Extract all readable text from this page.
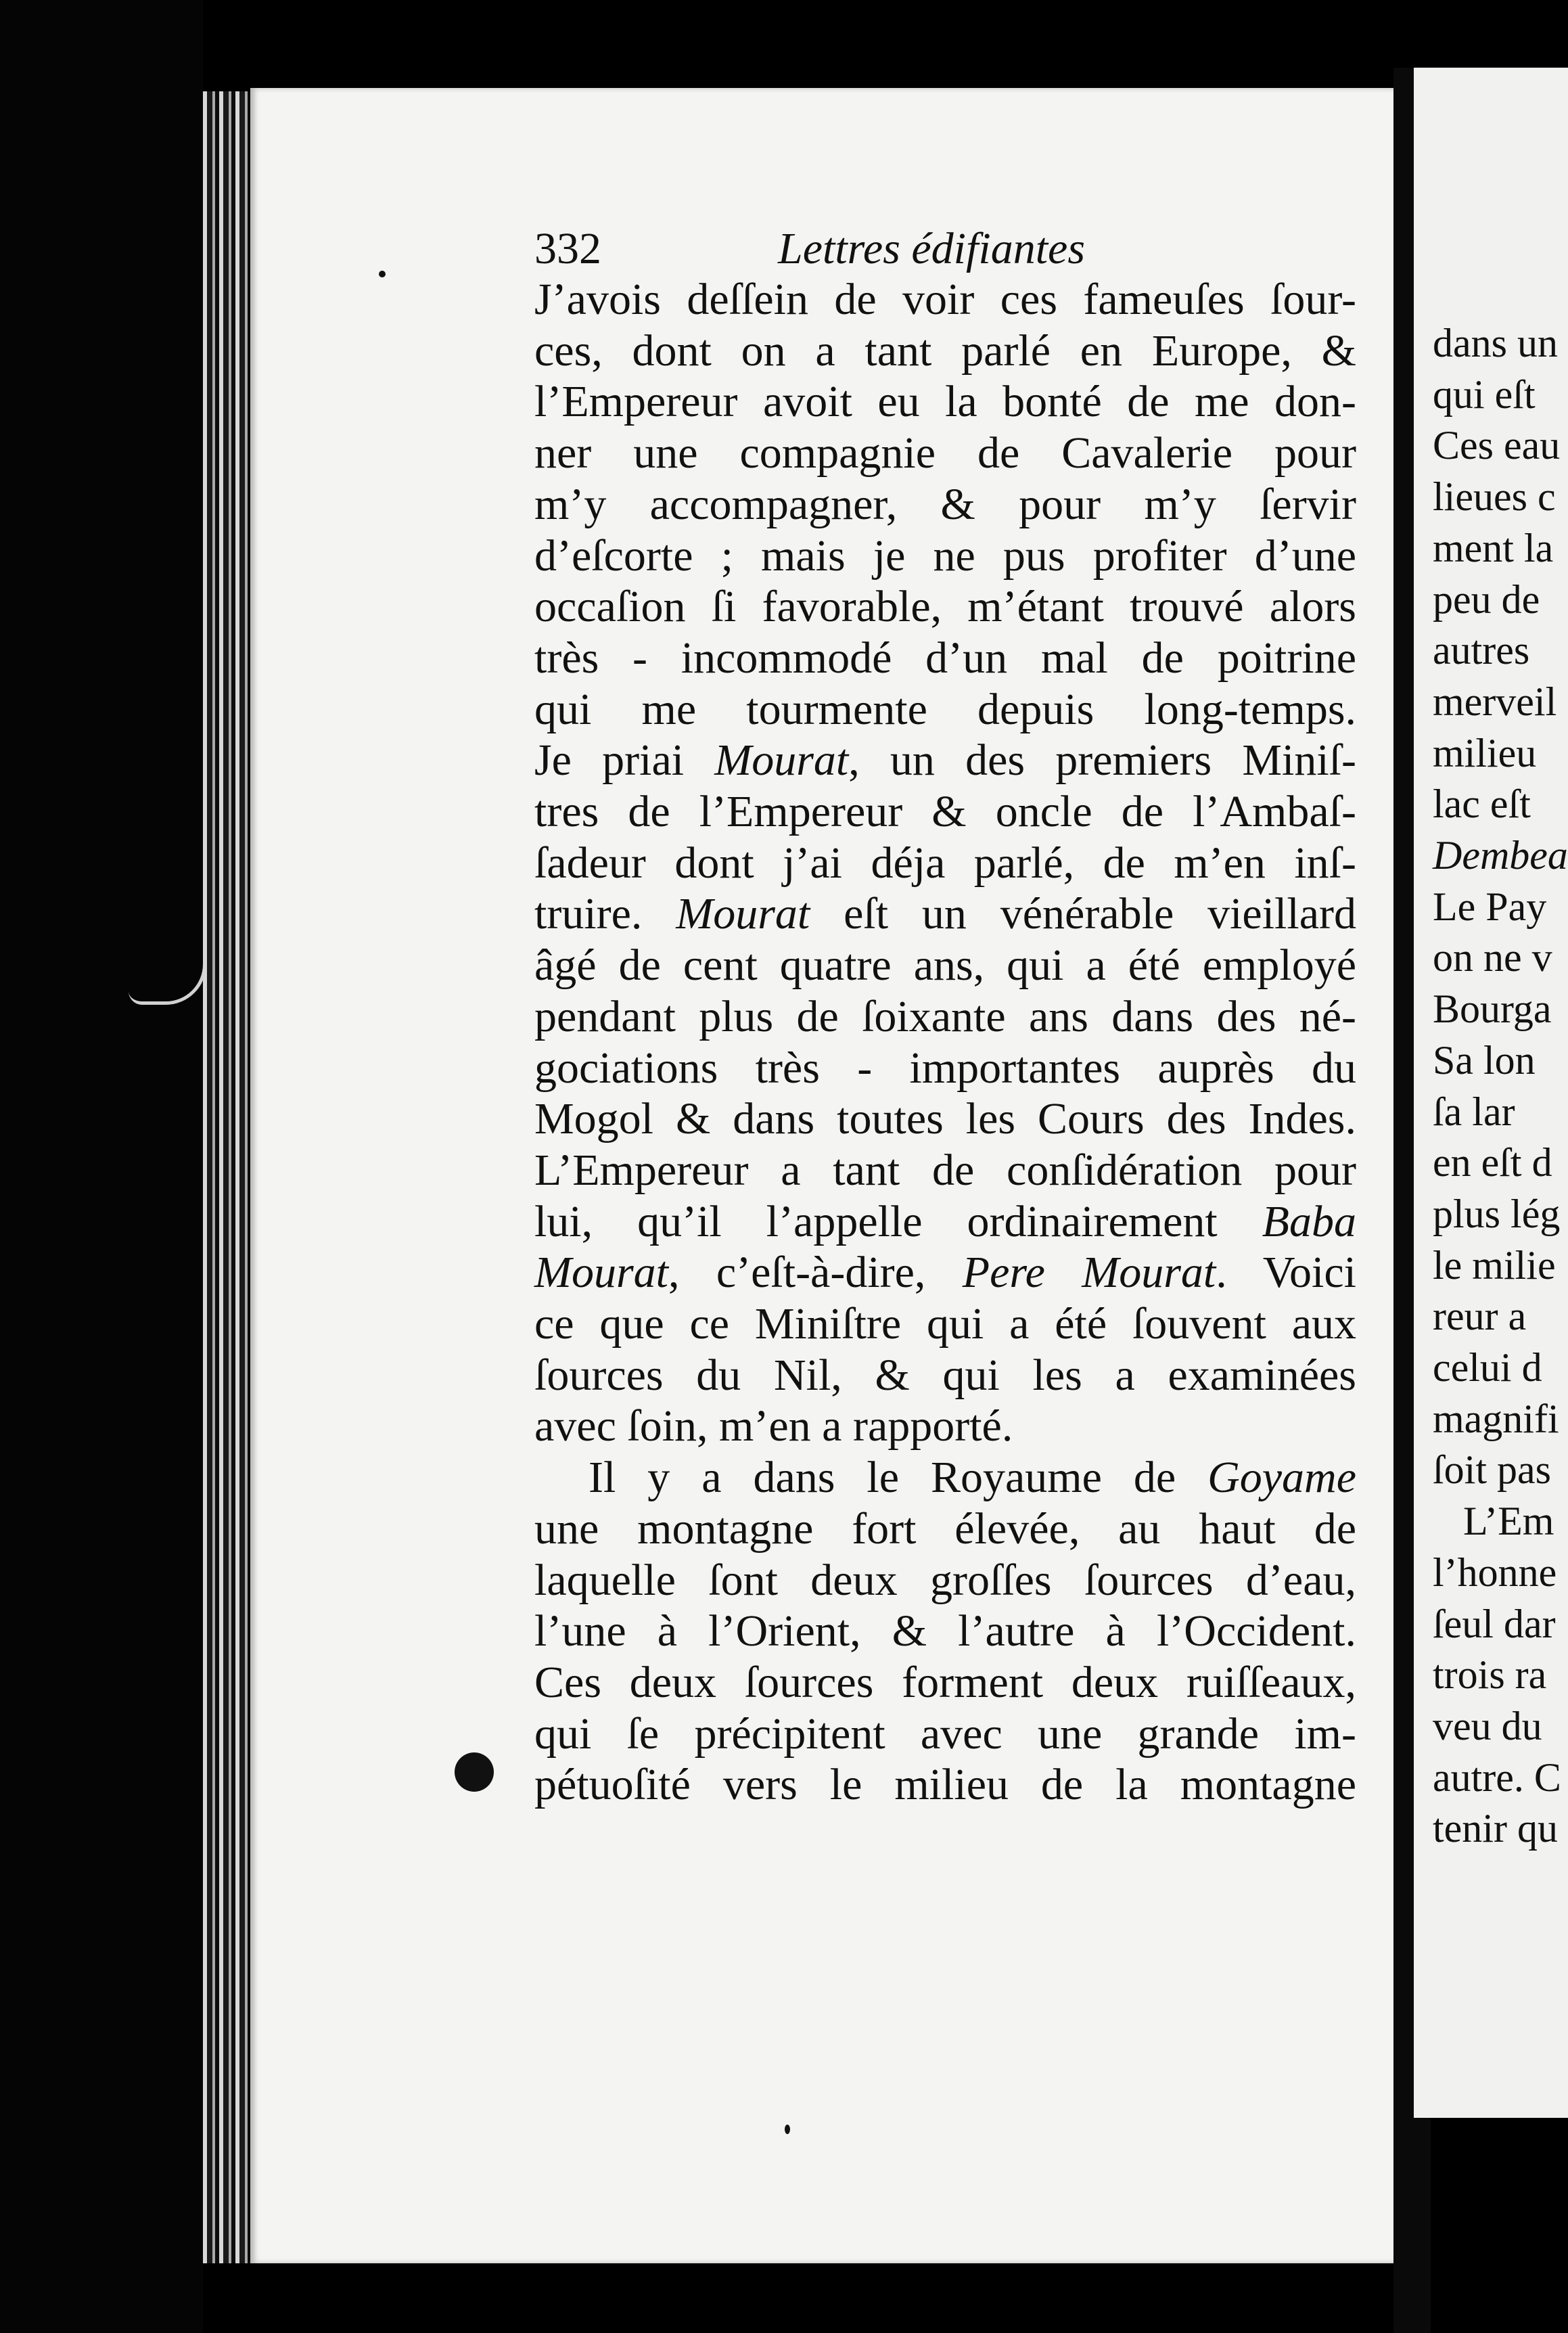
332	Lettres édifiantes
J’avois deſſein de voir ces fameuſes ſour-
ces, dont on a tant parlé en Europe, &
l’Empereur avoit eu la bonté de me don-
ner une compagnie de Cavalerie pour
m’y accompagner, & pour m’y ſervir
d’eſcorte ; mais je ne pus profiter d’une
occaſion ſi favorable, m’étant trouvé alors
très - incommodé d’un mal de poitrine
qui me tourmente depuis long-temps.
Je priai Mourat, un des premiers Miniſ-
tres de l’Empereur & oncle de l’Ambaſ-
ſadeur dont j’ai déja parlé, de m’en inſ-
truire. Mourat eſt un vénérable vieillard
âgé de cent quatre ans, qui a été employé
pendant plus de ſoixante ans dans des né-
gociations très - importantes auprès du
Mogol & dans toutes les Cours des Indes.
L’Empereur a tant de conſidération pour
lui, qu’il l’appelle ordinairement Baba
Mourat, c’eſt-à-dire, Pere Mourat. Voici
ce que ce Miniſtre qui a été ſouvent aux
ſources du Nil, & qui les a examinées
avec ſoin, m’en a rapporté.
Il y a dans le Royaume de Goyame
une montagne fort élevée, au haut de
laquelle ſont deux groſſes ſources d’eau,
l’une à l’Orient, & l’autre à l’Occident.
Ces deux ſources forment deux ruiſſeaux,
qui ſe précipitent avec une grande im-
pétuoſité vers le milieu de la montagne
dans un
qui eſt
Ces eau
lieues c
ment la
peu de
autres
merveil
milieu
lac eſt
Dembea
Le Pay
on ne v
Bourga
Sa lon
ſa lar
en eſt d
plus lég
le milie
reur a
celui d
magnifi
ſoit pas
L’Em
l’honne
ſeul dar
trois ra
veu du
autre. C
tenir qu
